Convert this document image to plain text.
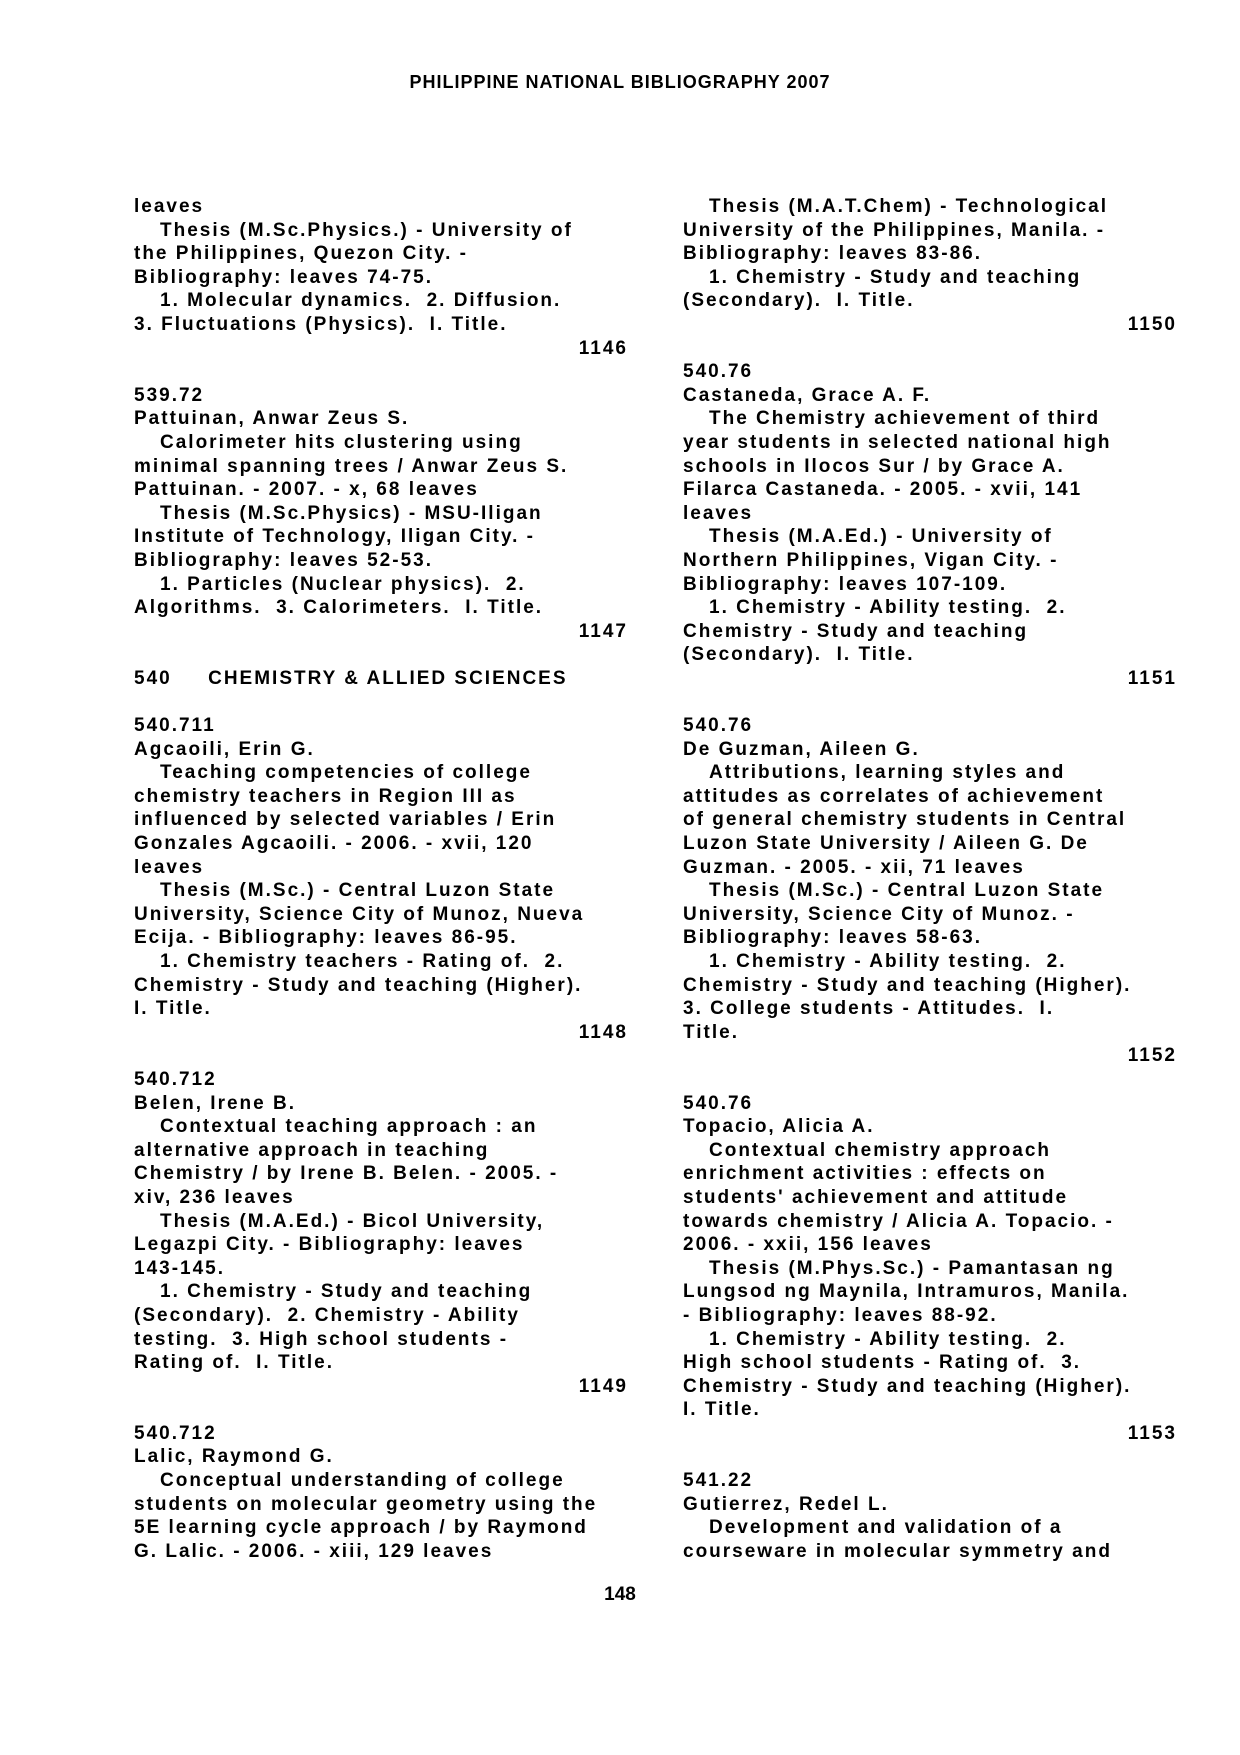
PHILIPPINE NATIONAL BIBLIOGRAPHY 2007
leaves
Thesis (M.Sc.Physics.) - University of
the Philippines, Quezon City. -
Bibliography: leaves 74-75.
1. Molecular dynamics.  2. Diffusion.
3. Fluctuations (Physics).  I. Title.
1146
539.72
Pattuinan, Anwar Zeus S.
Calorimeter hits clustering using
minimal spanning trees / Anwar Zeus S.
Pattuinan. - 2007. - x, 68 leaves
Thesis (M.Sc.Physics) - MSU-Iligan
Institute of Technology, Iligan City. -
Bibliography: leaves 52-53.
1. Particles (Nuclear physics).  2.
Algorithms.  3. Calorimeters.  I. Title.
1147
540     CHEMISTRY & ALLIED SCIENCES
540.711
Agcaoili, Erin G.
Teaching competencies of college
chemistry teachers in Region III as
influenced by selected variables / Erin
Gonzales Agcaoili. - 2006. - xvii, 120
leaves
Thesis (M.Sc.) - Central Luzon State
University, Science City of Munoz, Nueva
Ecija. - Bibliography: leaves 86-95.
1. Chemistry teachers - Rating of.  2.
Chemistry - Study and teaching (Higher).
I. Title.
1148
540.712
Belen, Irene B.
Contextual teaching approach : an
alternative approach in teaching
Chemistry / by Irene B. Belen. - 2005. -
xiv, 236 leaves
Thesis (M.A.Ed.) - Bicol University,
Legazpi City. - Bibliography: leaves
143-145.
1. Chemistry - Study and teaching
(Secondary).  2. Chemistry - Ability
testing.  3. High school students -
Rating of.  I. Title.
1149
540.712
Lalic, Raymond G.
Conceptual understanding of college
students on molecular geometry using the
5E learning cycle approach / by Raymond
G. Lalic. - 2006. - xiii, 129 leaves
Thesis (M.A.T.Chem) - Technological
University of the Philippines, Manila. -
Bibliography: leaves 83-86.
1. Chemistry - Study and teaching
(Secondary).  I. Title.
1150
540.76
Castaneda, Grace A. F.
The Chemistry achievement of third
year students in selected national high
schools in Ilocos Sur / by Grace A.
Filarca Castaneda. - 2005. - xvii, 141
leaves
Thesis (M.A.Ed.) - University of
Northern Philippines, Vigan City. -
Bibliography: leaves 107-109.
1. Chemistry - Ability testing.  2.
Chemistry - Study and teaching
(Secondary).  I. Title.
1151
540.76
De Guzman, Aileen G.
Attributions, learning styles and
attitudes as correlates of achievement
of general chemistry students in Central
Luzon State University / Aileen G. De
Guzman. - 2005. - xii, 71 leaves
Thesis (M.Sc.) - Central Luzon State
University, Science City of Munoz. -
Bibliography: leaves 58-63.
1. Chemistry - Ability testing.  2.
Chemistry - Study and teaching (Higher).
3. College students - Attitudes.  I.
Title.
1152
540.76
Topacio, Alicia A.
Contextual chemistry approach
enrichment activities : effects on
students' achievement and attitude
towards chemistry / Alicia A. Topacio. -
2006. - xxii, 156 leaves
Thesis (M.Phys.Sc.) - Pamantasan ng
Lungsod ng Maynila, Intramuros, Manila.
- Bibliography: leaves 88-92.
1. Chemistry - Ability testing.  2.
High school students - Rating of.  3.
Chemistry - Study and teaching (Higher).
I. Title.
1153
541.22
Gutierrez, Redel L.
Development and validation of a
courseware in molecular symmetry and
148
